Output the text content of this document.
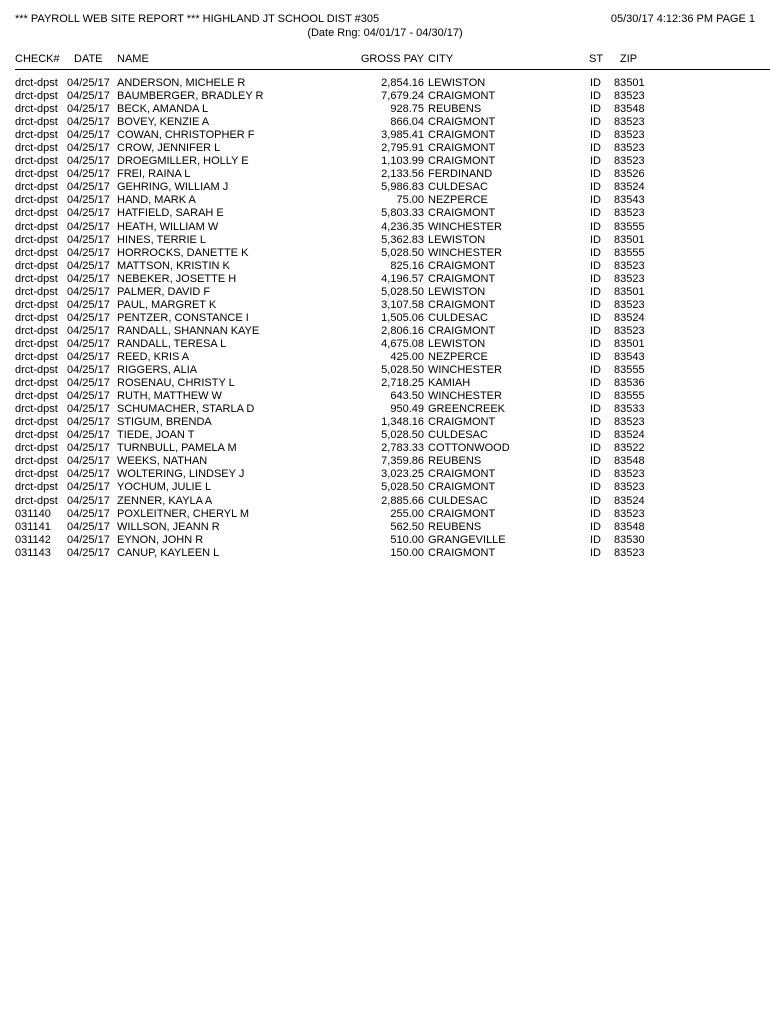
*** PAYROLL WEB SITE REPORT *** HIGHLAND JT SCHOOL DIST #305	05/30/17 4:12:36 PM PAGE 1
(Date Rng: 04/01/17 - 04/30/17)
CHECK# DATE NAME	GROSS PAY CITY	ST ZIP
drct-dpst 04/25/17 ANDERSON, MICHELE R	2,854.16 LEWISTON	ID 83501
drct-dpst 04/25/17 BAUMBERGER, BRADLEY R	7,679.24 CRAIGMONT	ID 83523
drct-dpst 04/25/17 BECK, AMANDA L	928.75 REUBENS	ID 83548
drct-dpst 04/25/17 BOVEY, KENZIE A	866.04 CRAIGMONT	ID 83523
drct-dpst 04/25/17 COWAN, CHRISTOPHER F	3,985.41 CRAIGMONT	ID 83523
drct-dpst 04/25/17 CROW, JENNIFER L	2,795.91 CRAIGMONT	ID 83523
drct-dpst 04/25/17 DROEGMILLER, HOLLY E	1,103.99 CRAIGMONT	ID 83523
drct-dpst 04/25/17 FREI, RAINA L	2,133.56 FERDINAND	ID 83526
drct-dpst 04/25/17 GEHRING, WILLIAM J	5,986.83 CULDESAC	ID 83524
drct-dpst 04/25/17 HAND, MARK A	75.00 NEZPERCE	ID 83543
drct-dpst 04/25/17 HATFIELD, SARAH E	5,803.33 CRAIGMONT	ID 83523
drct-dpst 04/25/17 HEATH, WILLIAM W	4,236.35 WINCHESTER	ID 83555
drct-dpst 04/25/17 HINES, TERRIE L	5,362.83 LEWISTON	ID 83501
drct-dpst 04/25/17 HORROCKS, DANETTE K	5,028.50 WINCHESTER	ID 83555
drct-dpst 04/25/17 MATTSON, KRISTIN K	825.16 CRAIGMONT	ID 83523
drct-dpst 04/25/17 NEBEKER, JOSETTE H	4,196.57 CRAIGMONT	ID 83523
drct-dpst 04/25/17 PALMER, DAVID F	5,028.50 LEWISTON	ID 83501
drct-dpst 04/25/17 PAUL, MARGRET K	3,107.58 CRAIGMONT	ID 83523
drct-dpst 04/25/17 PENTZER, CONSTANCE I	1,505.06 CULDESAC	ID 83524
drct-dpst 04/25/17 RANDALL, SHANNAN KAYE	2,806.16 CRAIGMONT	ID 83523
drct-dpst 04/25/17 RANDALL, TERESA L	4,675.08 LEWISTON	ID 83501
drct-dpst 04/25/17 REED, KRIS A	425.00 NEZPERCE	ID 83543
drct-dpst 04/25/17 RIGGERS, ALIA	5,028.50 WINCHESTER	ID 83555
drct-dpst 04/25/17 ROSENAU, CHRISTY L	2,718.25 KAMIAH	ID 83536
drct-dpst 04/25/17 RUTH, MATTHEW W	643.50 WINCHESTER	ID 83555
drct-dpst 04/25/17 SCHUMACHER, STARLA D	950.49 GREENCREEK	ID 83533
drct-dpst 04/25/17 STIGUM, BRENDA	1,348.16 CRAIGMONT	ID 83523
drct-dpst 04/25/17 TIEDE, JOAN T	5,028.50 CULDESAC	ID 83524
drct-dpst 04/25/17 TURNBULL, PAMELA M	2,783.33 COTTONWOOD	ID 83522
drct-dpst 04/25/17 WEEKS, NATHAN	7,359.86 REUBENS	ID 83548
drct-dpst 04/25/17 WOLTERING, LINDSEY J	3,023.25 CRAIGMONT	ID 83523
drct-dpst 04/25/17 YOCHUM, JULIE L	5,028.50 CRAIGMONT	ID 83523
drct-dpst 04/25/17 ZENNER, KAYLA A	2,885.66 CULDESAC	ID 83524
031140 04/25/17 POXLEITNER, CHERYL M	255.00 CRAIGMONT	ID 83523
031141 04/25/17 WILLSON, JEANN R	562.50 REUBENS	ID 83548
031142 04/25/17 EYNON, JOHN R	510.00 GRANGEVILLE	ID 83530
031143 04/25/17 CANUP, KAYLEEN L	150.00 CRAIGMONT	ID 83523
